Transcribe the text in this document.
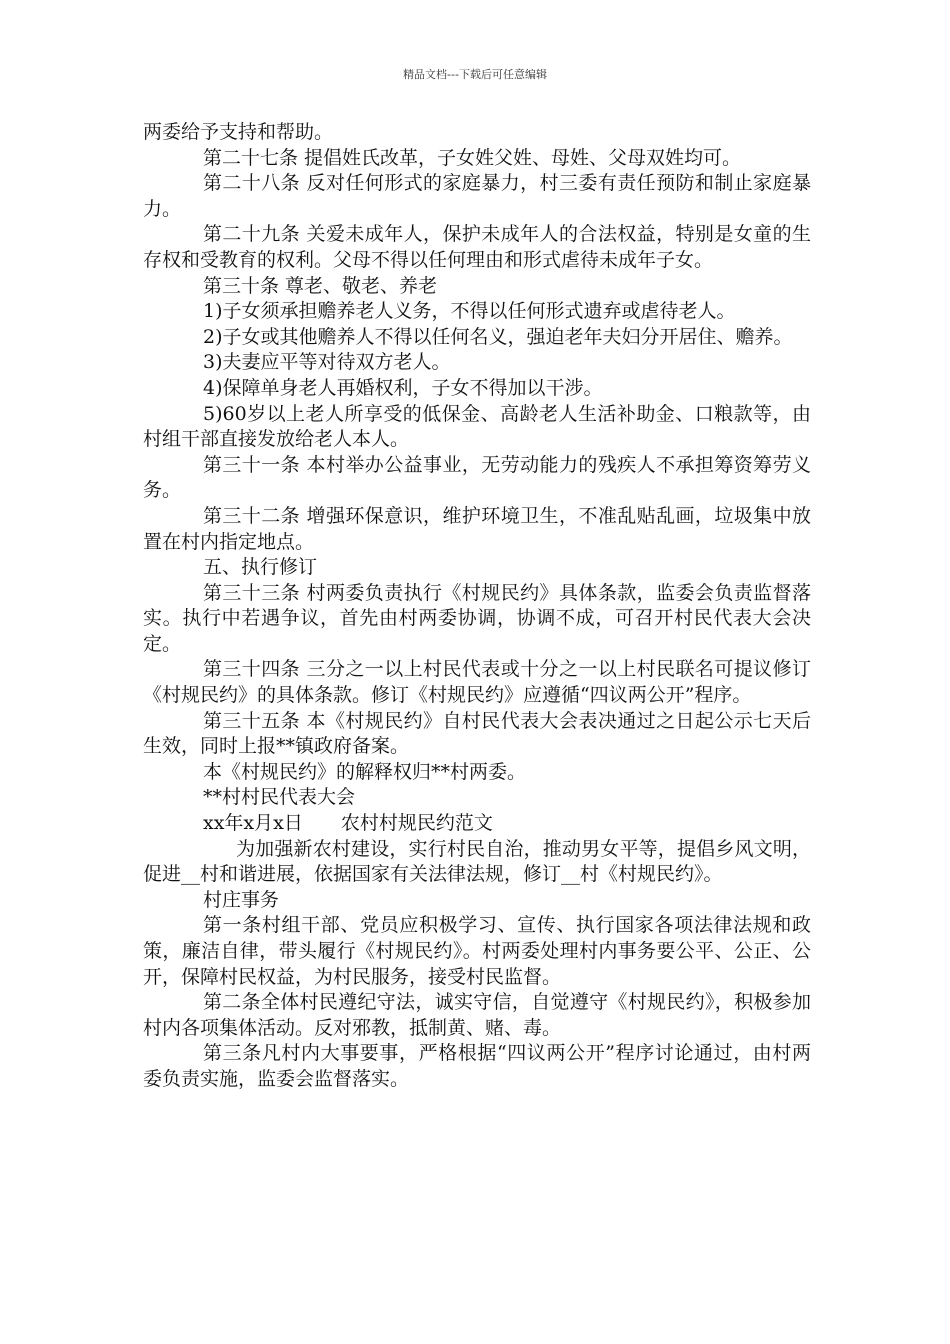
精品文档---下载后可任意编辑

两委给予支持和帮助。

第二十七条 提倡姓氏改革，子女姓父姓、母姓、父母双姓均可。

第二十八条 反对任何形式的家庭暴力，村三委有责任预防和制止家庭暴力。

第二十九条 关爱未成年人，保护未成年人的合法权益，特别是女童的生存权和受教育的权利。父母不得以任何理由和形式虐待未成年子女。

第三十条 尊老、敬老、养老

1)子女须承担赡养老人义务，不得以任何形式遗弃或虐待老人。

2)子女或其他赡养人不得以任何名义，强迫老年夫妇分开居住、赡养。

3)夫妻应平等对待双方老人。

4)保障单身老人再婚权利，子女不得加以干涉。

5)60岁以上老人所享受的低保金、高龄老人生活补助金、口粮款等，由村组干部直接发放给老人本人。

第三十一条 本村举办公益事业，无劳动能力的残疾人不承担筹资筹劳义务。

第三十二条 增强环保意识，维护环境卫生，不准乱贴乱画，垃圾集中放置在村内指定地点。

五、执行修订

第三十三条 村两委负责执行《村规民约》具体条款，监委会负责监督落实。执行中若遇争议，首先由村两委协调，协调不成，可召开村民代表大会决定。

第三十四条 三分之一以上村民代表或十分之一以上村民联名可提议修订《村规民约》的具体条款。修订《村规民约》应遵循“四议两公开”程序。

第三十五条 本《村规民约》自村民代表大会表决通过之日起公示七天后生效，同时上报**镇政府备案。

本《村规民约》的解释权归**村两委。

**村村民代表大会

xx年x月x日　　农村村规民约范文

为加强新农村建设，实行村民自治，推动男女平等，提倡乡风文明，促进__村和谐进展，依据国家有关法律法规，修订__村《村规民约》。

村庄事务

第一条村组干部、党员应积极学习、宣传、执行国家各项法律法规和政策，廉洁自律，带头履行《村规民约》。村两委处理村内事务要公平、公正、公开，保障村民权益，为村民服务，接受村民监督。

第二条全体村民遵纪守法，诚实守信，自觉遵守《村规民约》，积极参加村内各项集体活动。反对邪教，抵制黄、赌、毒。

第三条凡村内大事要事，严格根据“四议两公开”程序讨论通过，由村两委负责实施，监委会监督落实。
